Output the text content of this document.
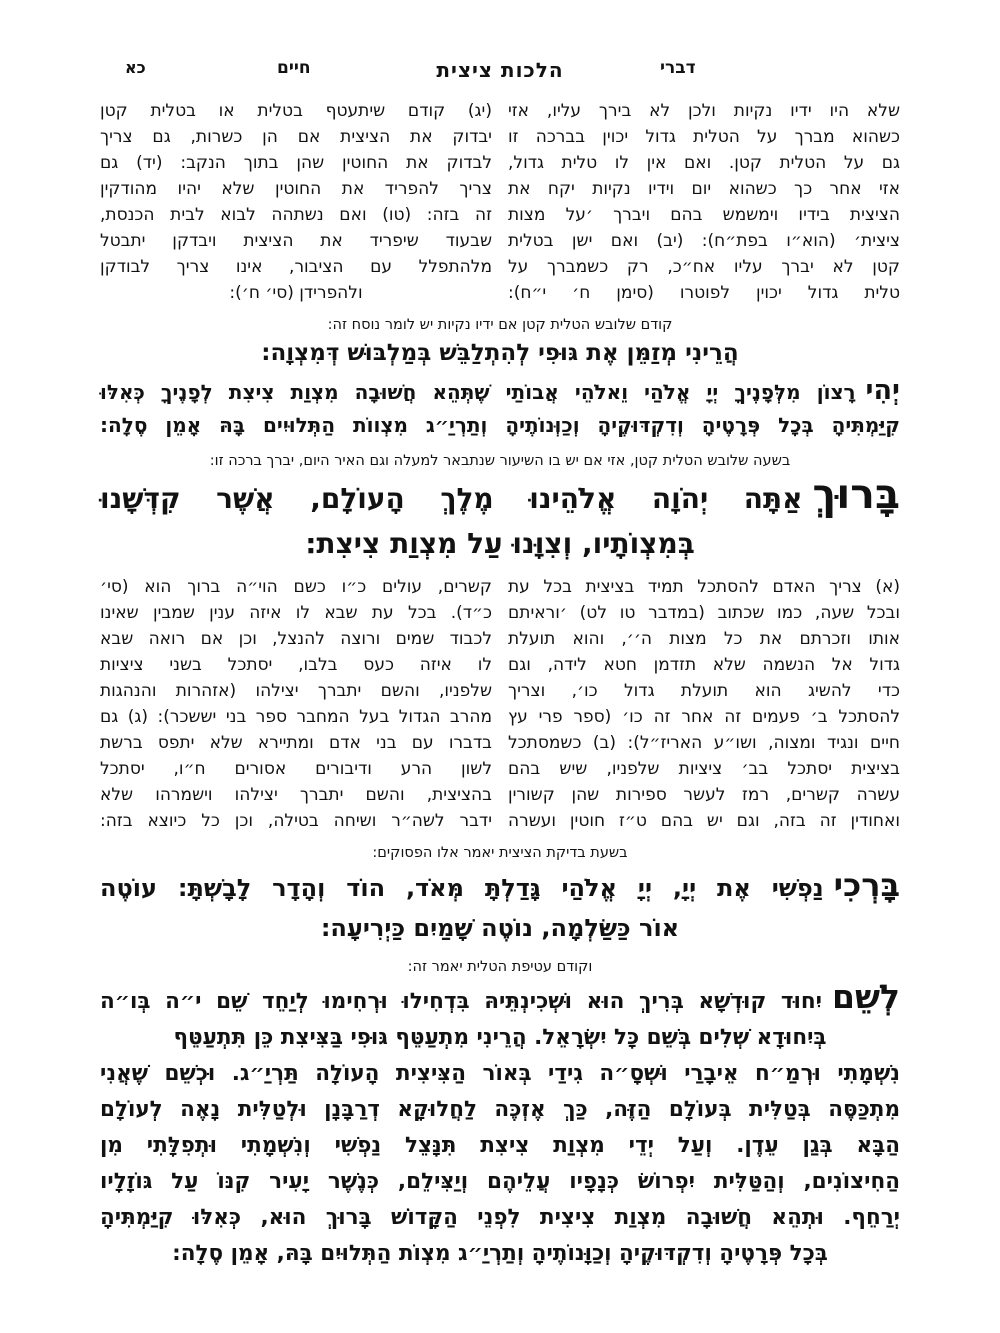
דברי
הלכות ציצית
חיים
כא
שלא היו ידיו נקיות ולכן לא בירך עליו, אזי
כשהוא מברך על הטלית גדול יכוין בברכה זו
גם על הטלית קטן. ואם אין לו טלית גדול,
אזי אחר כך כשהוא יום וידיו נקיות יקח את
הציצית בידיו וימשמש בהם ויברך ׳על מצות
ציצית׳ (הוא״ו בפת״ח): (יב) ואם ישן בטלית
קטן לא יברך עליו אח״כ, רק כשמברך על
טלית גדול יכוין לפוטרו (סימן ח׳ י״ח):
(יג) קודם שיתעטף בטלית או בטלית קטן
יבדוק את הציצית אם הן כשרות, גם צריך
לבדוק את החוטין שהן בתוך הנקב: (יד) גם
צריך להפריד את החוטין שלא יהיו מהודקין
זה בזה: (טו) ואם נשתהה לבוא לבית הכנסת,
שבעוד שיפריד את הציצית ויבדקן יתבטל
מלהתפלל עם הציבור, אינו צריך לבודקן
ולהפרידן (סי׳ ח׳):
קודם שלובש הטלית קטן אם ידיו נקיות יש לומר נוסח זה:
הֲרֵינִי מְזַמֵּן אֶת גּוּפִי לְהִתְלַבֵּשׁ בְּמַלְבּוּשׁ דְּמִצְוָה:
יְהִירָצוֹן מִלְּפָנֶיךָ יְיָ אֱלֹהַי וֵאלֹהֵי אֲבוֹתַי שֶׁתְּהֵא חֲשׁוּבָה מִצְוַת צִיצִת לְפָנֶיךָ כְּאִלּוּ
קִיַּמְתִּיהָ בְּכָל פְּרָטֶיהָ וְדִקְדּוּקֶיהָ וְכַוְּנוֹתֶיהָ וְתַרְיַ״ג מִצְווֹת הַתְּלוּיִים בָּהּ אָמֵן סֶלָה:
בשעה שלובש הטלית קטן, אזי אם יש בו השיעור שנתבאר למעלה וגם האיר היום, יברך ברכה זו:
בָּרוּךְאַתָּה יְהֹוָה אֱלֹהֵינוּ מֶלֶךְ הָעוֹלָם, אֲשֶׁר קִדְּשָׁנוּ
בְּמִצְוֹתָיו, וְצִוָּנוּ עַל מִצְוַת צִיצִת:
(א) צריך האדם להסתכל תמיד בציצית בכל עת
ובכל שעה, כמו שכתוב (במדבר טו לט) ׳וראיתם
אותו וזכרתם את כל מצות ה׳׳, והוא תועלת
גדול אל הנשמה שלא תזדמן חטא לידה, וגם
כדי להשיג הוא תועלת גדול כו׳, וצריך
להסתכל ב׳ פעמים זה אחר זה כו׳ (ספר פרי עץ
חיים ונגיד ומצוה, ושו״ע האריז״ל): (ב) כשמסתכל
בציצית יסתכל בב׳ ציציות שלפניו, שיש בהם
עשרה קשרים, רמז לעשר ספירות שהן קשורין
ואחודין זה בזה, וגם יש בהם ט״ז חוטין ועשרה
קשרים, עולים כ״ו כשם הוי״ה ברוך הוא (סי׳
כ״ד). בכל עת שבא לו איזה ענין שמבין שאינו
לכבוד שמים ורוצה להנצל, וכן אם רואה שבא
לו איזה כעס בלבו, יסתכל בשני ציציות
שלפניו, והשם יתברך יצילהו (אזהרות והנהגות
מהרב הגדול בעל המחבר ספר בני יששכר): (ג) גם
בדברו עם בני אדם ומתיירא שלא יתפס ברשת
לשון הרע ודיבורים אסורים ח״ו, יסתכל
בהציצית, והשם יתברך יצילהו וישמרהו שלא
ידבר לשה״ר ושיחה בטילה, וכן כל כיוצא בזה:
בשעת בדיקת הציצית יאמר אלו הפסוקים:
בָּרְכִינַפְשִׁי אֶת יְיָ, יְיָ אֱלֹהַי גָּדַלְתָּ מְּאֹד, הוֹד וְהָדָר לָבָשְׁתָּ: עוֹטֶה
אוֹר כַּשַּׂלְמָה, נוֹטֶה שָׁמַיִם כַּיְרִיעָה:
וקודם עטיפת הטלית יאמר זה:
לְשֵׁםיִחוּד קוּדְשָׁא בְּרִיךְ הוּא וּשְׁכִינְתֵּיהּ בִּדְחִילוּ וּרְחִימוּ לְיַחֵד שֵׁם י״ה בְּו״ה
בְּיִחוּדָא שְׁלִים בְּשֵׁם כָּל יִשְׂרָאֵל. הֲרֵינִי מִתְעַטֵּף גּוּפִי בַּצִּיצִת כֵּן תִּתְעַטֵּף
נִשְׁמָתִי וּרְמַ״ח אֵיבָרַי וּשְׁסָ״ה גִידַי בְּאוֹר הַצִּיצִית הָעוֹלָה תַּרְיַ״ג. וּכְשֵׁם שֶׁאֲנִי
מִתְכַּסֶּה בְּטַלִּית בְּעוֹלָם הַזֶּה, כַּךְ אֶזְכֶּה לַחֲלוּקָא דְרַבָּנָן וּלְטַלִּית נָאֶה לְעוֹלָם
הַבָּא בְּגַן עֵדֶן. וְעַל יְדֵי מִצְוַת צִיצִת תִּנָּצֵל נַפְשִׁי וְנִשְׁמָתִי וּתְפִלָּתִי מִן
הַחִיצוֹנִים, וְהַטַּלִּית יִפְרוֹשׂ כְּנָפָיו עֲלֵיהֶם וְיַצִּילֵם, כְּנֶשֶׁר יָעִיר קִנּוֹ עַל גּוֹזָלָיו
יְרַחֵף. וּתְהֵא חֲשׁוּבָה מִצְוַת צִיצִית לִפְנֵי הַקָּדוֹשׁ בָּרוּךְ הוּא, כְּאִלּוּ קִיַּמְתִּיהָ
בְּכָל פְּרָטֶיהָ וְדִקְדּוּקֶיהָ וְכַוָּנוֹתֶיהָ וְתַרְיַ״ג מִצְוֹת הַתְּלוּיִם בָּהּ, אָמֵן סֶלָה:
